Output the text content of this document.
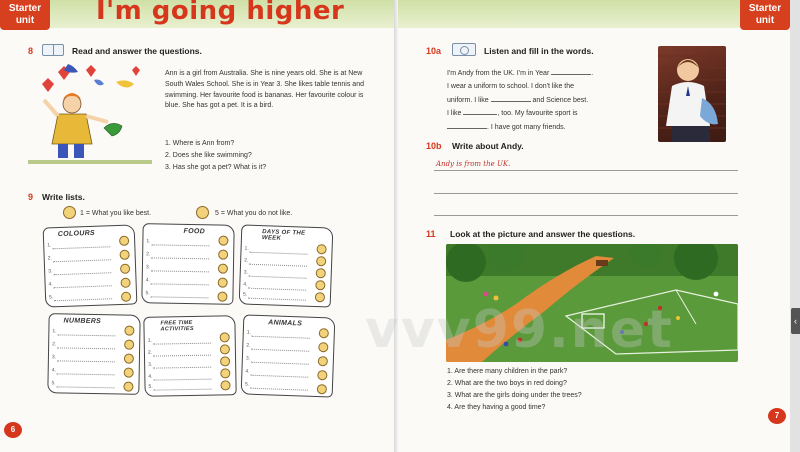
Starter unit	I'm going higher
8	Read and answer the questions.
Ann is a girl from Australia. She is nine years old. She is at New South Wales School. She is in Year 3. She likes table tennis and swimming. Her favourite food is bananas. Her favourite colour is blue. She has got a pet. It is a bird.
1. Where is Ann from?
2. Does she like swimming?
3. Has she got a pet? What is it?
9 Write lists.
1 = What you like best.	5 = What you do not like.
COLOURS
1.
2.
3.
4.
5.
FOOD
1.
2.
3.
4.
5.
DAYS OF THE WEEK
1.
2.
3.
4.
5.
NUMBERS
1.
2.
3.
4.
5.
FREE TIME ACTIVITIES
1.
2.
3.
4.
5.
ANIMALS
1.
2.
3.
4.
5.
6
Starter unit
10a	Listen and fill in the words.
I'm Andy from the UK. I'm in Year	.
I wear a uniform to school. I don't like the
uniform. I like	and Science best.
I like	, too. My favourite sport is
. I have got many friends.
10b Write about Andy.
Andy is from the UK.
11 Look at the picture and answer the questions.
1. Are there many children in the park?
2. What are the two boys in red doing?
3. What are the girls doing under the trees?
4. Are they having a good time?
7
‹
vvv99.net
